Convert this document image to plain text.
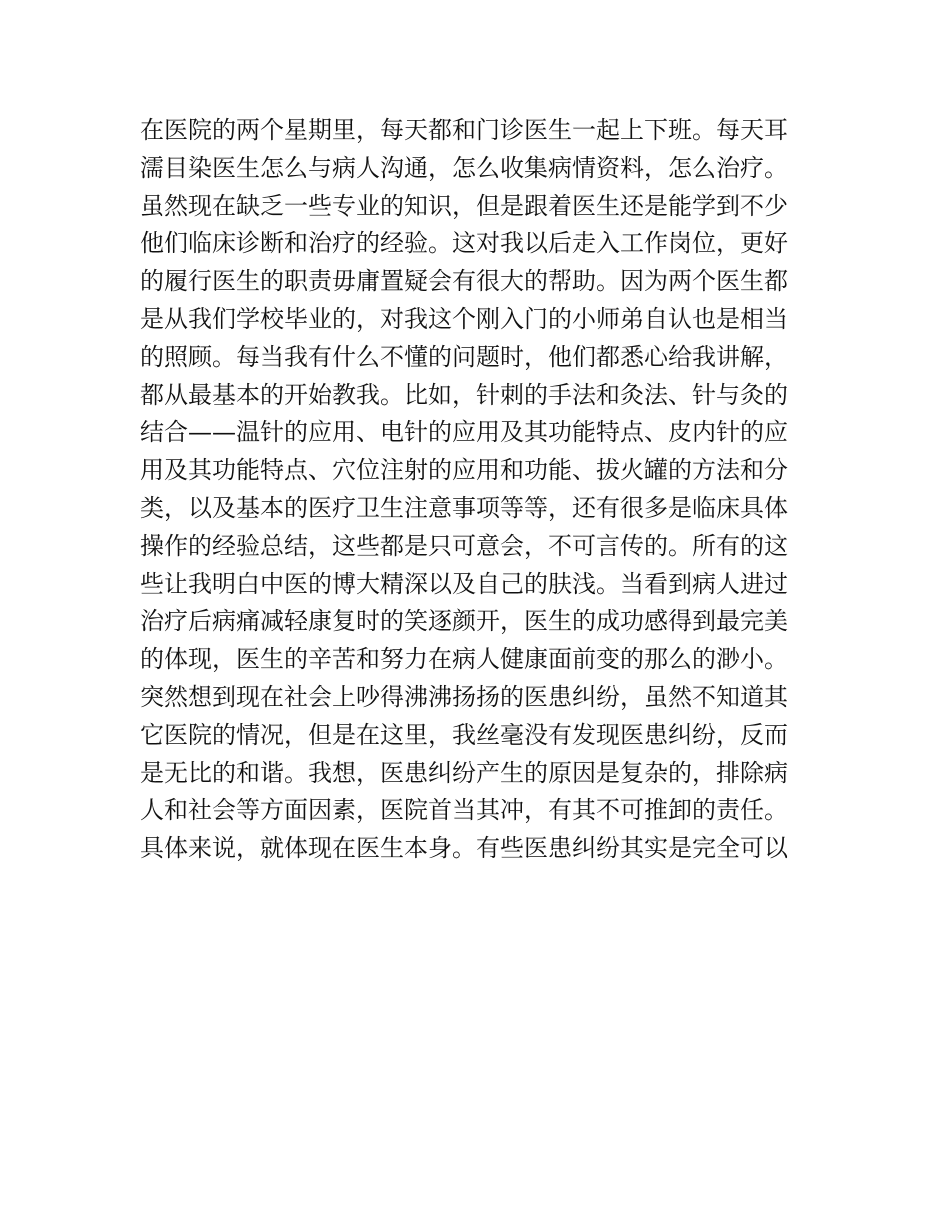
在医院的两个星期里，每天都和门诊医生一起上下班。每天耳
濡目染医生怎么与病人沟通，怎么收集病情资料，怎么治疗。
虽然现在缺乏一些专业的知识，但是跟着医生还是能学到不少
他们临床诊断和治疗的经验。这对我以后走入工作岗位，更好
的履行医生的职责毋庸置疑会有很大的帮助。因为两个医生都
是从我们学校毕业的，对我这个刚入门的小师弟自认也是相当
的照顾。每当我有什么不懂的问题时，他们都悉心给我讲解，
都从最基本的开始教我。比如，针刺的手法和灸法、针与灸的
结合——温针的应用、电针的应用及其功能特点、皮内针的应
用及其功能特点、穴位注射的应用和功能、拔火罐的方法和分
类，以及基本的医疗卫生注意事项等等，还有很多是临床具体
操作的经验总结，这些都是只可意会，不可言传的。所有的这
些让我明白中医的博大精深以及自己的肤浅。当看到病人进过
治疗后病痛减轻康复时的笑逐颜开，医生的成功感得到最完美
的体现，医生的辛苦和努力在病人健康面前变的那么的渺小。
突然想到现在社会上吵得沸沸扬扬的医患纠纷，虽然不知道其
它医院的情况，但是在这里，我丝毫没有发现医患纠纷，反而
是无比的和谐。我想，医患纠纷产生的原因是复杂的，排除病
人和社会等方面因素，医院首当其冲，有其不可推卸的责任。
具体来说，就体现在医生本身。有些医患纠纷其实是完全可以
